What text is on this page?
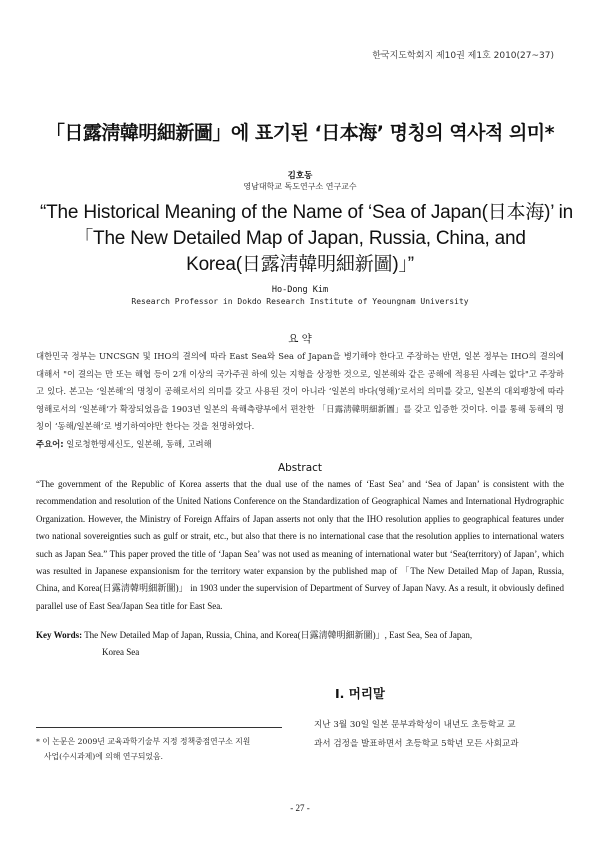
한국지도학회지 제10권 제1호 2010(27~37)
「日露淸韓明細新圖」에 표기된 ‘日本海’ 명칭의 역사적 의미*
김호동
영남대학교 독도연구소 연구교수
“The Historical Meaning of the Name of ‘Sea of Japan(日本海)’ in
「The New Detailed Map of Japan, Russia, China, and
Korea(日露淸韓明細新圖)」”
Ho-Dong Kim
Research Professor in Dokdo Research Institute of Yeoungnam University
요 약

대한민국 정부는 UNCSGN 및 IHO의 결의에 따라 East Sea와 Sea of Japan을 병기해야 한다고 주장하는 반면, 일본 정부는 IHO의 결의에 대해서 "이 결의는 만 또는 해협 등이 2개 이상의 국가주권 하에 있는 지형을 상정한 것으로, 일본해와 같은 공해에 적용된 사례는 없다"고 주장하고 있다. 본고는 ‘일본해’의 명칭이 공해로서의 의미를 갖고 사용된 것이 아니라 ‘일본의 바다(영해)’로서의 의미를 갖고, 일본의 대외팽창에 따라 영해로서의 ‘일본해’가 확장되었음을 1903년 일본의 육해측량부에서 편찬한 「日露淸韓明細新圖」를 갖고 입증한 것이다. 이를 통해 동해의 명칭이 ‘동해/일본해’로 병기하여야만 한다는 것을 천명하였다.

주요어: 일로청한명세신도, 일본해, 동해, 고려해

Abstract

“The government of the Republic of Korea asserts that the dual use of the names of ‘East Sea’ and ‘Sea of Japan’ is consistent with the recommendation and resolution of the United Nations Conference on the Standardization of Geographical Names and International Hydrographic Organization. However, the Ministry of Foreign Affairs of Japan asserts not only that the IHO resolution applies to geographical features under two national sovereignties such as gulf or strait, etc., but also that there is no international case that the resolution applies to international waters such as Japan Sea.” This paper proved the title of ‘Japan Sea’ was not used as meaning of international water but ‘Sea(territory) of Japan’, which was resulted in Japanese expansionism for the territory water expansion by the published map of 「The New Detailed Map of Japan, Russia, China, and Korea(日露淸韓明細新圖)」 in 1903 under the supervision of Department of Survey of Japan Navy. As a result, it obviously defined parallel use of East Sea/Japan Sea title for East Sea.

Key Words: The New Detailed Map of Japan, Russia, China, and Korea(日露淸韓明細新圖)」, East Sea, Sea of Japan,
Korea Sea
Ⅰ. 머리말
지난 3월 30일 일본 문부과학성이 내년도 초등학교 교
과서 검정을 발표하면서 초등학교 5학년 모든 사회교과
* 이 논문은 2009년 교육과학기술부 지정 정책중점연구소 지원
사업(수시과제)에 의해 연구되었음.
- 27 -
